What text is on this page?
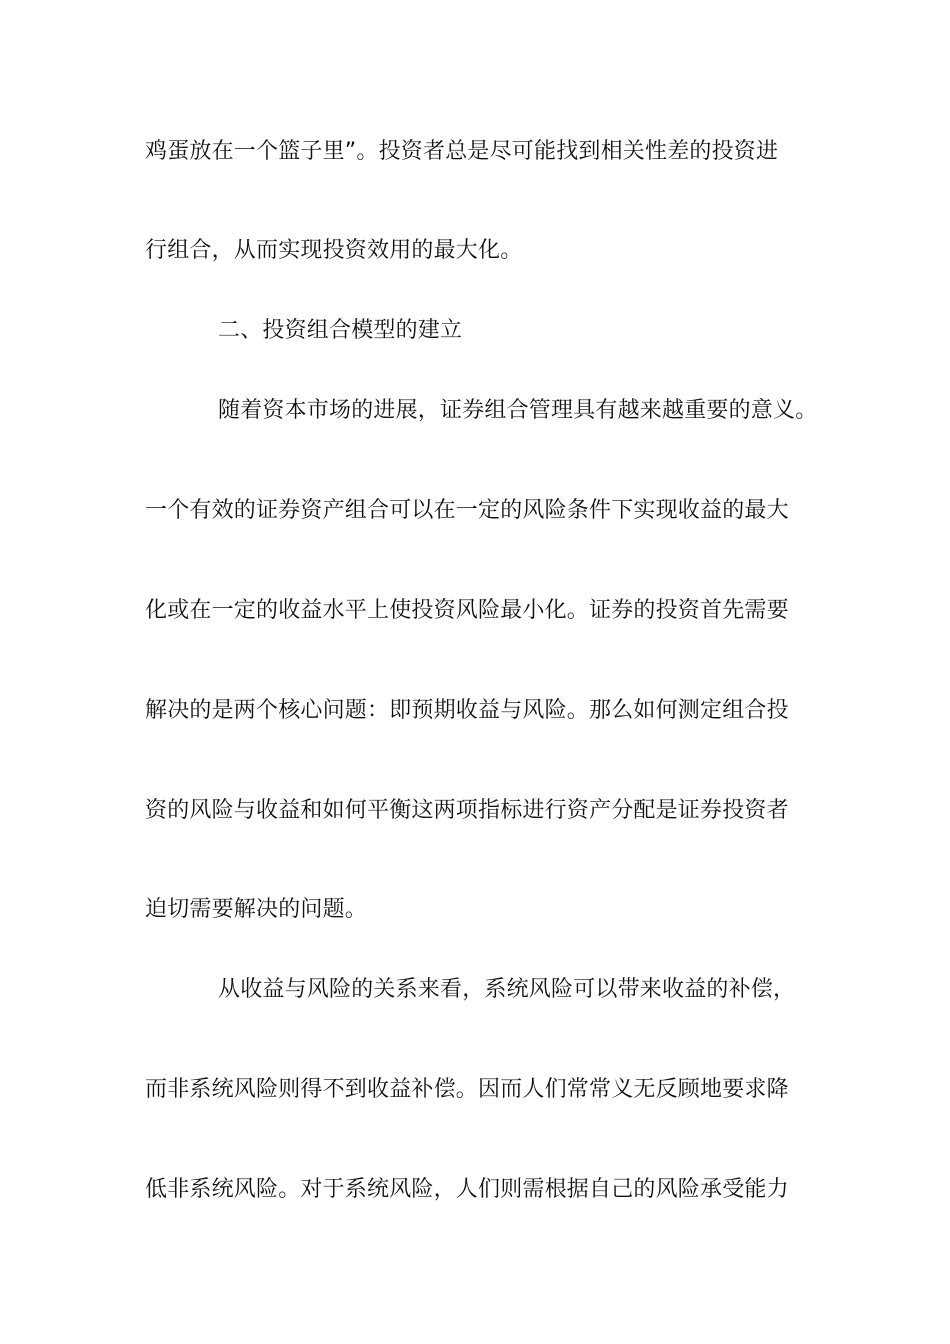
鸡蛋放在一个篮子里”。投资者总是尽可能找到相关性差的投资进
行组合，从而实现投资效用的最大化。
二、投资组合模型的建立
随着资本市场的进展，证券组合管理具有越来越重要的意义。
一个有效的证券资产组合可以在一定的风险条件下实现收益的最大
化或在一定的收益水平上使投资风险最小化。证券的投资首先需要
解决的是两个核心问题：即预期收益与风险。那么如何测定组合投
资的风险与收益和如何平衡这两项指标进行资产分配是证券投资者
迫切需要解决的问题。
从收益与风险的关系来看，系统风险可以带来收益的补偿，
而非系统风险则得不到收益补偿。因而人们常常义无反顾地要求降
低非系统风险。对于系统风险，人们则需根据自己的风险承受能力
